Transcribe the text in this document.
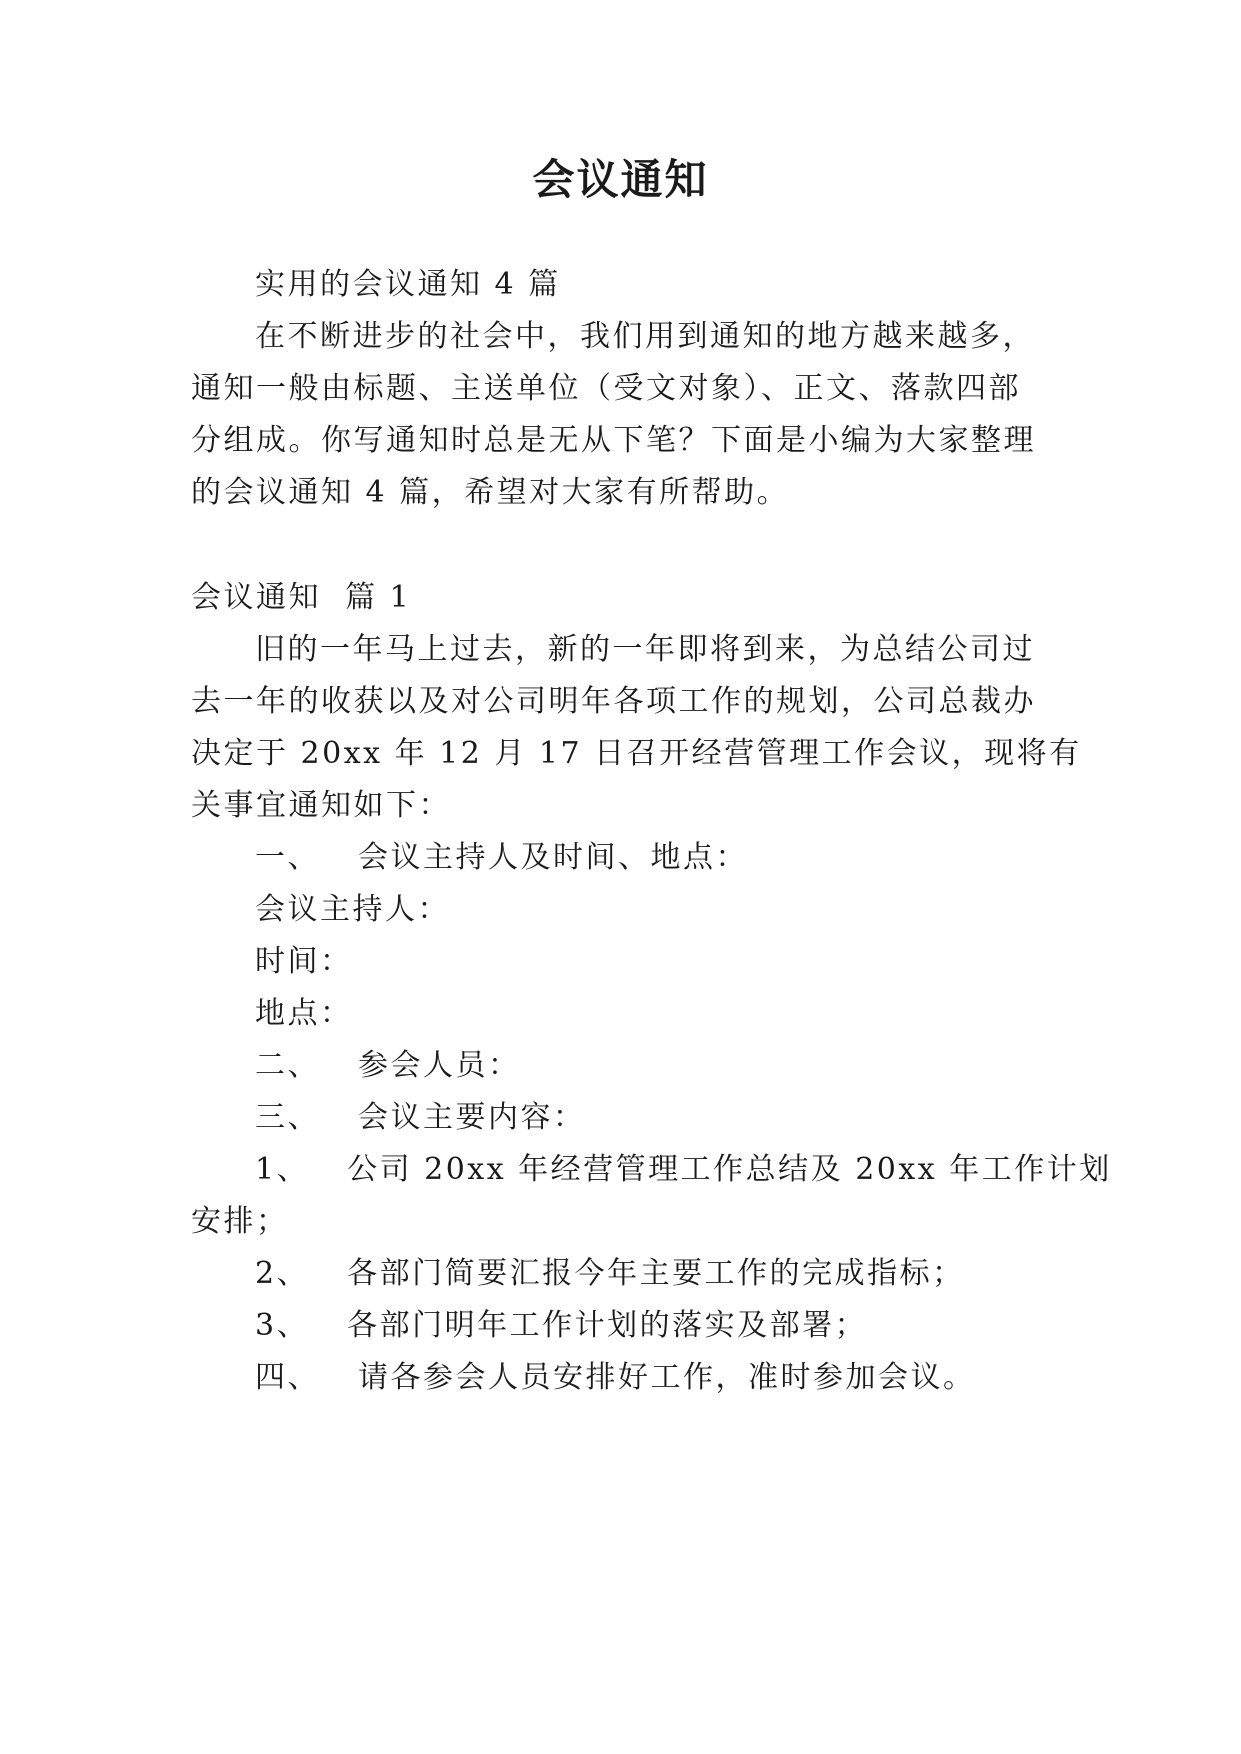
会议通知
实用的会议通知 4 篇
在不断进步的社会中，我们用到通知的地方越来越多，
通知一般由标题、主送单位（受文对象）、正文、落款四部
分组成。你写通知时总是无从下笔？下面是小编为大家整理
的会议通知 4 篇，希望对大家有所帮助。
会议通知  篇 1
旧的一年马上过去，新的一年即将到来，为总结公司过
去一年的收获以及对公司明年各项工作的规划，公司总裁办
决定于 20xx 年 12 月 17 日召开经营管理工作会议，现将有
关事宜通知如下：
一、 会议主持人及时间、地点：
会议主持人：
时间：
地点：
二、 参会人员：
三、 会议主要内容：
1、 公司 20xx 年经营管理工作总结及 20xx 年工作计划
安排；
2、 各部门简要汇报今年主要工作的完成指标；
3、 各部门明年工作计划的落实及部署；
四、 请各参会人员安排好工作，准时参加会议。
